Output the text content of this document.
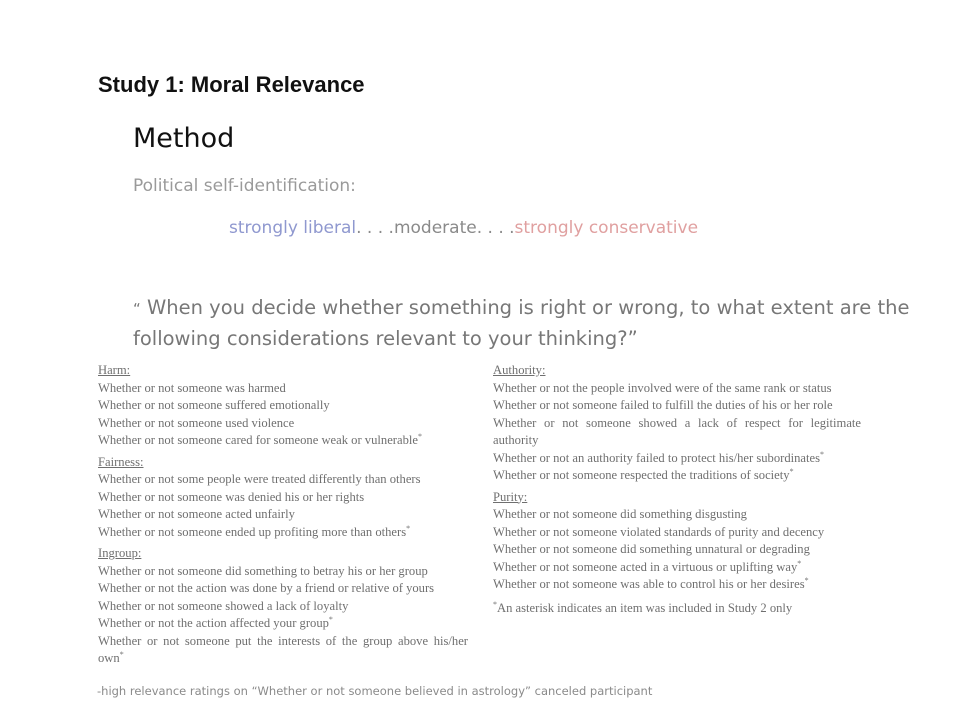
Study 1: Moral Relevance
Method
Political self-identification:
strongly liberal. . . .moderate. . . .strongly conservative
“ When you decide whether something is right or wrong, to what extent are the following considerations relevant to your thinking?”
Harm:
Whether or not someone was harmed
Whether or not someone suffered emotionally
Whether or not someone used violence
Whether or not someone cared for someone weak or vulnerable*
Fairness:
Whether or not some people were treated differently than others
Whether or not someone was denied his or her rights
Whether or not someone acted unfairly
Whether or not someone ended up profiting more than others*
Ingroup:
Whether or not someone did something to betray his or her group
Whether or not the action was done by a friend or relative of yours
Whether or not someone showed a lack of loyalty
Whether or not the action affected your group*
Whether or not someone put the interests of the group above his/her own*
Authority:
Whether or not the people involved were of the same rank or status
Whether or not someone failed to fulfill the duties of his or her role
Whether or not someone showed a lack of respect for legitimate authority
Whether or not an authority failed to protect his/her subordinates*
Whether or not someone respected the traditions of society*
Purity:
Whether or not someone did something disgusting
Whether or not someone violated standards of purity and decency
Whether or not someone did something unnatural or degrading
Whether or not someone acted in a virtuous or uplifting way*
Whether or not someone was able to control his or her desires*
*An asterisk indicates an item was included in Study 2 only
-high relevance ratings on “Whether or not someone believed in astrology” canceled participant
